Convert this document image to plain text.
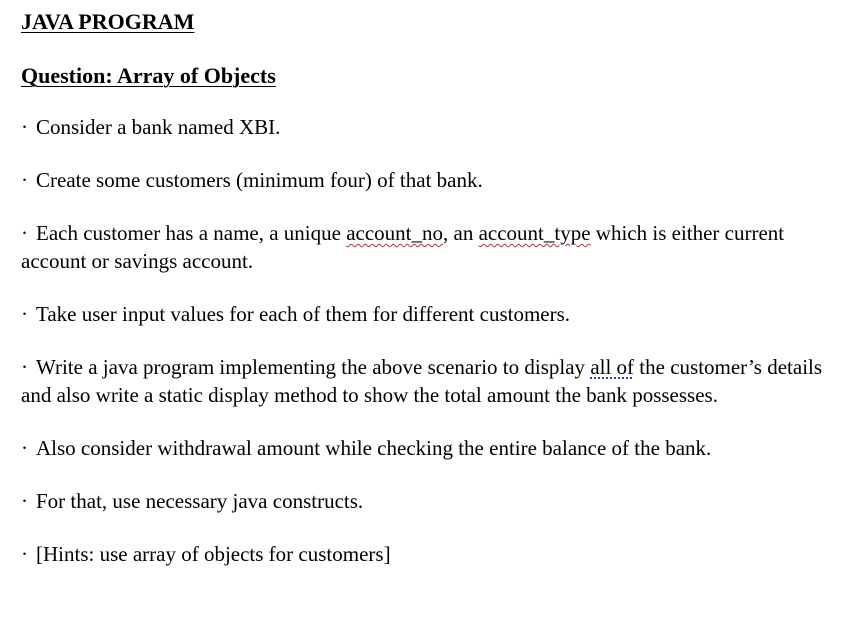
JAVA PROGRAM
Question: Array of Objects

· Consider a bank named XBI.

· Create some customers (minimum four) of that bank.

· Each customer has a name, a unique account_no, an account_type which is either current account or savings account.

· Take user input values for each of them for different customers.

· Write a java program implementing the above scenario to display all of the customer’s details and also write a static display method to show the total amount the bank possesses.

· Also consider withdrawal amount while checking the entire balance of the bank.

· For that, use necessary java constructs.

· [Hints: use array of objects for customers]
